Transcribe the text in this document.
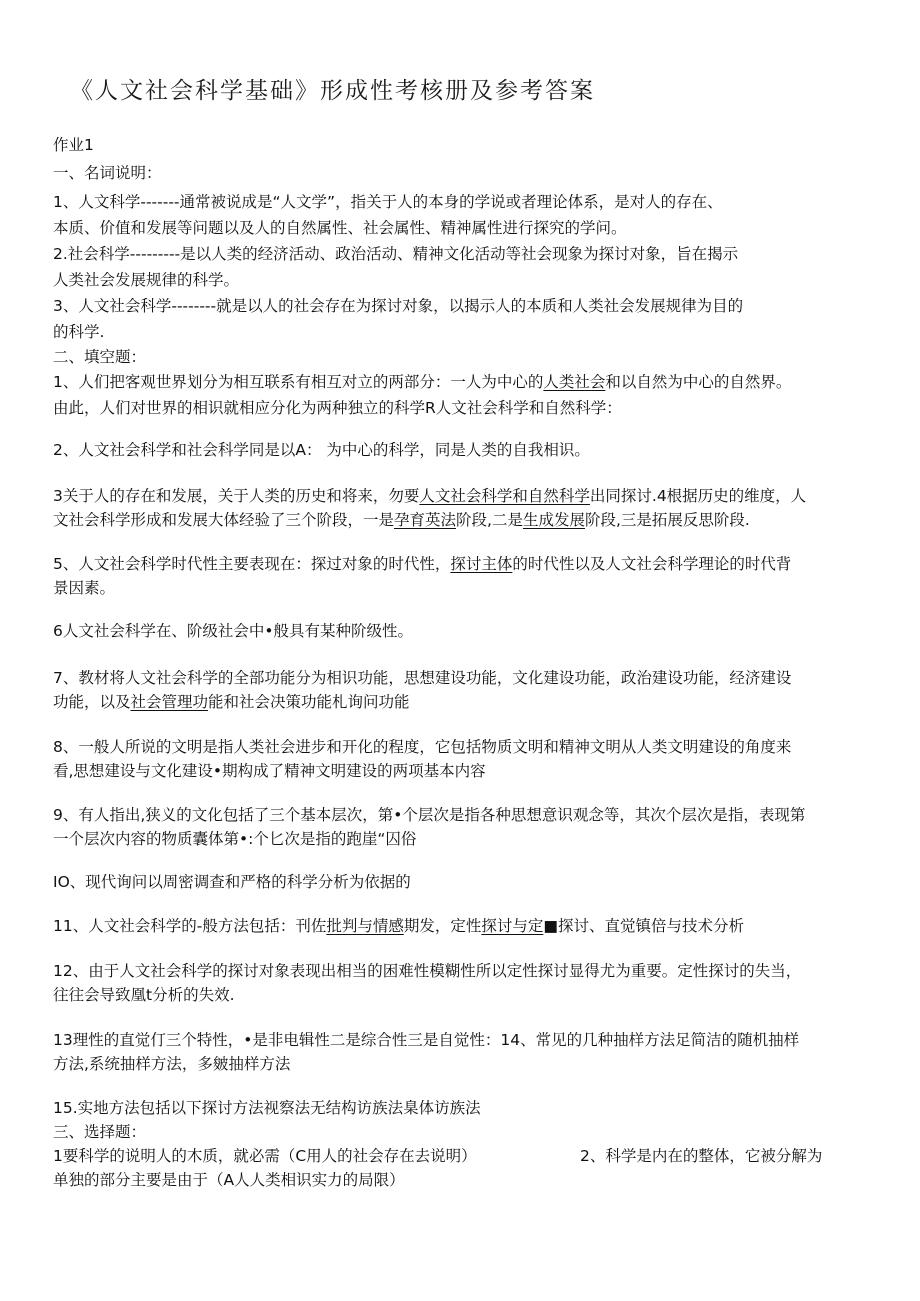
《人文社会科学基础》形成性考核册及参考答案
作业1
一、名词说明：
1、人文科学-------通常被说成是“人文学”，指关于人的本身的学说或者理论体系，是对人的存在、
本质、价值和发展等问题以及人的自然属性、社会属性、精神属性进行探究的学问。
2.社会科学---------是以人类的经济活动、政治活动、精神文化活动等社会现象为探讨对象，旨在揭示
人类社会发展规律的科学。
3、人文社会科学--------就是以人的社会存在为探讨对象，以揭示人的本质和人类社会发展规律为目的
的科学.
二、填空题：
1、人们把客观世界划分为相互联系有相互对立的两部分：一人为中心的人类社会和以自然为中心的自然界。
由此，人们对世界的相识就相应分化为两种独立的科学R人文社会科学和自然科学：
2、人文社会科学和社会科学同是以A： 为中心的科学，同是人类的自我相识。
3关于人的存在和发展，关于人类的历史和将来，勿要人文社会科学和自然科学出同探讨.4根据历史的维度，人
文社会科学形成和发展大体经验了三个阶段，一是孕育英法阶段,二是生成发展阶段,三是拓展反思阶段.
5、人文社会科学时代性主要表现在：探过对象的时代性，探讨主体的时代性以及人文社会科学理论的时代背
景因素。
6人文社会科学在、阶级社会中•般具有某种阶级性。
7、教材将人文社会科学的全部功能分为相识功能，思想建设功能，文化建设功能，政治建设功能，经济建设
功能，以及社会管理功能和社会决策功能札询问功能
8、一般人所说的文明是指人类社会进步和开化的程度，它包括物质文明和精神文明从人类文明建设的角度来
看,思想建设与文化建设•期构成了精神文明建设的两项基本内容
9、有人指出,狭义的文化包括了三个基本层次，第•个层次是指各种思想意识观念等，其次个层次是指，表现第
一个层次内容的物质囊体第•:个匕次是指的跑崖“囚俗
IO、现代询问以周密调查和严格的科学分析为依据的
11、人文社会科学的-般方法包括：刊佐批判与情感期发，定性探讨与定■探讨、直觉镇倍与技术分析
12、由于人文社会科学的探讨对象表现出相当的困难性模糊性所以定性探讨显得尤为重要。定性探讨的失当，
往往会导致凰t分析的失效.
13理性的直觉仃三个特性，•是非电辑性二是综合性三是自觉性：14、常见的几种抽样方法足简洁的随机抽样
方法,系统抽样方法，多皴抽样方法
15.实地方法包括以下探讨方法视察法无结构访族法臬体访族法
三、选择题：
1要科学的说明人的木质，就必需（C用人的社会存在去说明）	2、科学是内在的整体，它被分解为
单独的部分主要是由于（A人人类相识实力的局限）
